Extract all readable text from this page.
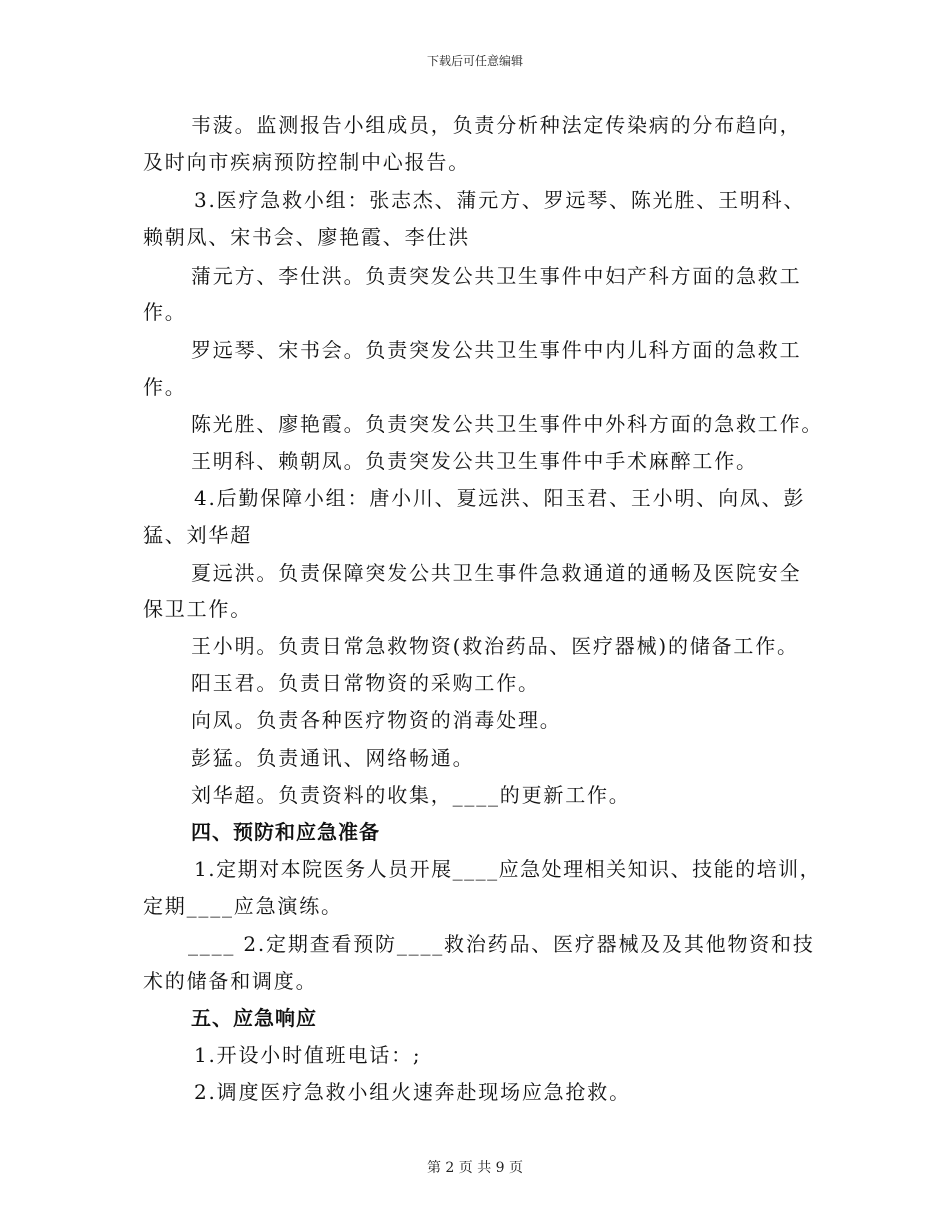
下载后可任意编辑
韦菠。监测报告小组成员，负责分析种法定传染病的分布趋向，
及时向市疾病预防控制中心报告。
3.医疗急救小组：张志杰、蒲元方、罗远琴、陈光胜、王明科、
赖朝凤、宋书会、廖艳霞、李仕洪
蒲元方、李仕洪。负责突发公共卫生事件中妇产科方面的急救工
作。
罗远琴、宋书会。负责突发公共卫生事件中内儿科方面的急救工
作。
陈光胜、廖艳霞。负责突发公共卫生事件中外科方面的急救工作。
王明科、赖朝凤。负责突发公共卫生事件中手术麻醉工作。
4.后勤保障小组：唐小川、夏远洪、阳玉君、王小明、向凤、彭
猛、刘华超
夏远洪。负责保障突发公共卫生事件急救通道的通畅及医院安全
保卫工作。
王小明。负责日常急救物资(救治药品、医疗器械)的储备工作。
阳玉君。负责日常物资的采购工作。
向凤。负责各种医疗物资的消毒处理。
彭猛。负责通讯、网络畅通。
刘华超。负责资料的收集，____的更新工作。
四、预防和应急准备
1.定期对本院医务人员开展____应急处理相关知识、技能的培训，
定期____应急演练。
____ 2.定期查看预防____救治药品、医疗器械及及其他物资和技
术的储备和调度。
五、应急响应
1.开设小时值班电话：;
2.调度医疗急救小组火速奔赴现场应急抢救。
第 2 页 共 9 页
